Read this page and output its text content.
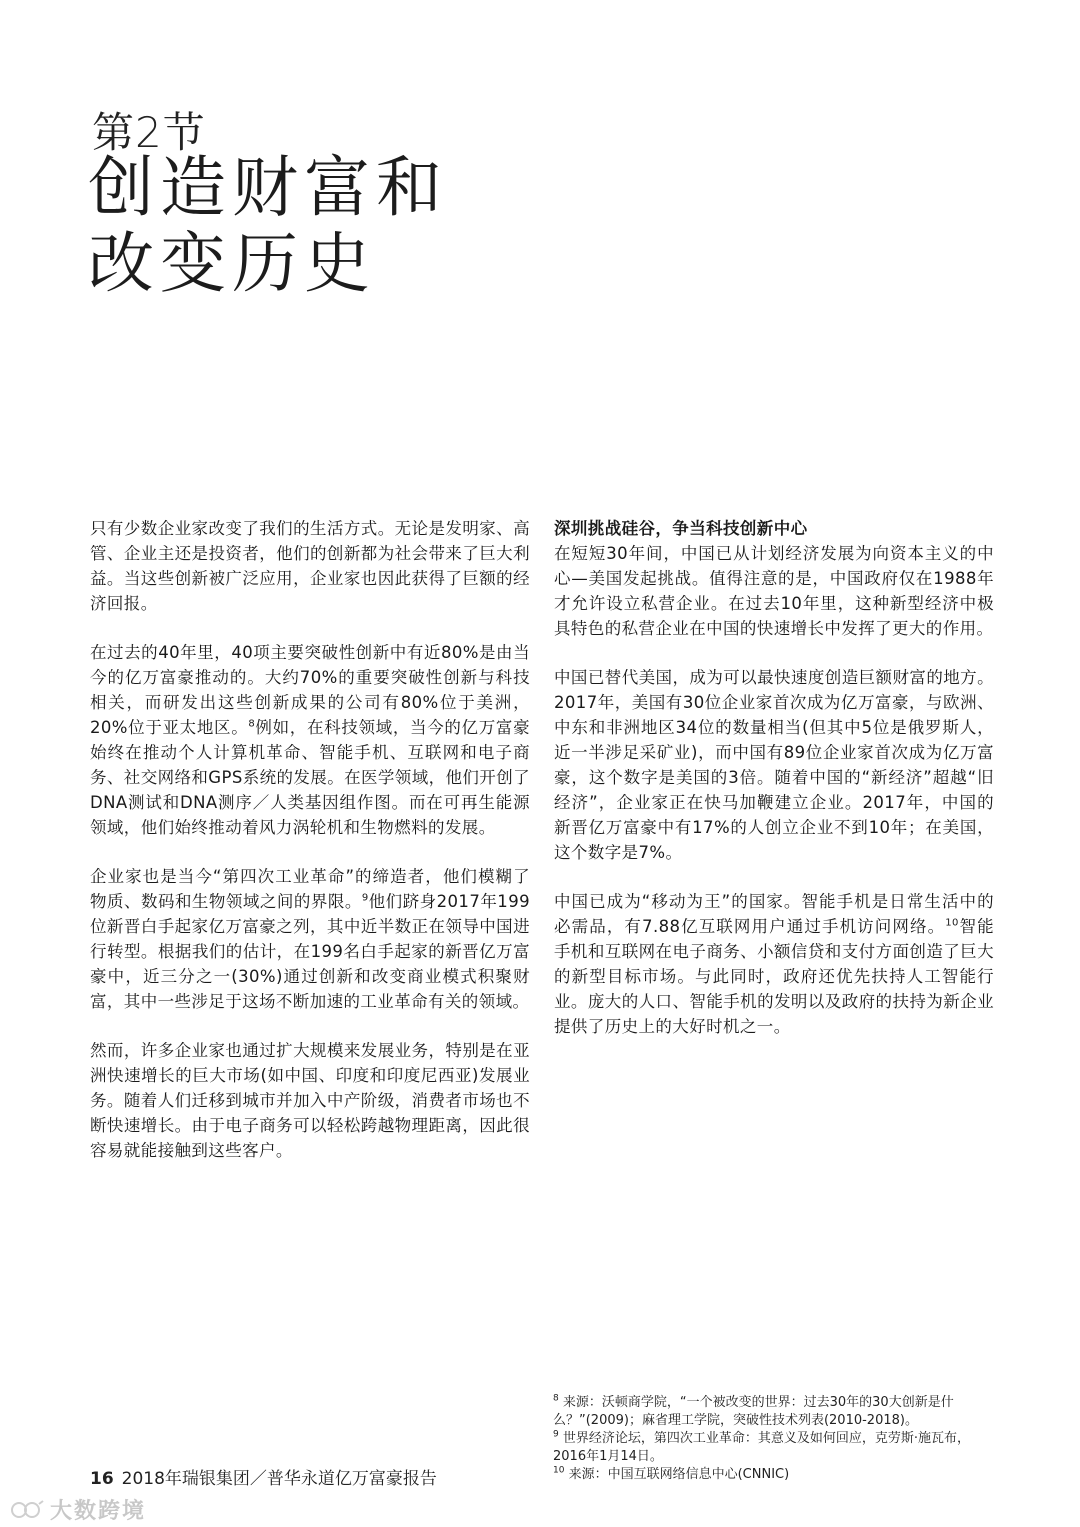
第2节
创造财富和
改变历史

只有少数企业家改变了我们的生活方式。无论是发明家、高管、企业主还是投资者，他们的创新都为社会带来了巨大利益。当这些创新被广泛应用，企业家也因此获得了巨额的经济回报。

在过去的40年里，40项主要突破性创新中有近80%是由当今的亿万富豪推动的。大约70%的重要突破性创新与科技相关，而研发出这些创新成果的公司有80%位于美洲，20%位于亚太地区。$^8$例如，在科技领域，当今的亿万富豪始终在推动个人计算机革命、智能手机、互联网和电子商务、社交网络和GPS系统的发展。在医学领域，他们开创了DNA测试和DNA测序／人类基因组作图。而在可再生能源领域，他们始终推动着风力涡轮机和生物燃料的发展。

企业家也是当今“第四次工业革命”的缔造者，他们模糊了物质、数码和生物领域之间的界限。$^9$他们跻身2017年199位新晋白手起家亿万富豪之列，其中近半数正在领导中国进行转型。根据我们的估计，在199名白手起家的新晋亿万富豪中，近三分之一(30%)通过创新和改变商业模式积聚财富，其中一些涉足于这场不断加速的工业革命有关的领域。

然而，许多企业家也通过扩大规模来发展业务，特别是在亚洲快速增长的巨大市场(如中国、印度和印度尼西亚)发展业务。随着人们迁移到城市并加入中产阶级，消费者市场也不断快速增长。由于电子商务可以轻松跨越物理距离，因此很容易就能接触到这些客户。

深圳挑战硅谷，争当科技创新中心

在短短30年间，中国已从计划经济发展为向资本主义的中心—美国发起挑战。值得注意的是，中国政府仅在1988年才允许设立私营企业。在过去10年里，这种新型经济中极具特色的私营企业在中国的快速增长中发挥了更大的作用。

中国已替代美国，成为可以最快速度创造巨额财富的地方。2017年，美国有30位企业家首次成为亿万富豪，与欧洲、中东和非洲地区34位的数量相当(但其中5位是俄罗斯人，近一半涉足采矿业)，而中国有89位企业家首次成为亿万富豪，这个数字是美国的3倍。随着中国的“新经济”超越“旧经济”，企业家正在快马加鞭建立企业。2017年，中国的新晋亿万富豪中有17%的人创立企业不到10年；在美国，这个数字是7%。

中国已成为“移动为王”的国家。智能手机是日常生活中的必需品，有7.88亿互联网用户通过手机访问网络。$^{10}$智能手机和互联网在电子商务、小额信贷和支付方面创造了巨大的新型目标市场。与此同时，政府还优先扶持人工智能行业。庞大的人口、智能手机的发明以及政府的扶持为新企业提供了历史上的大好时机之一。

$^8$ 来源：沃顿商学院，“一个被改变的世界：过去30年的30大创新是什么？”(2009)；麻省理工学院，突破性技术列表(2010-2018)。

$^9$ 世界经济论坛，第四次工业革命：其意义及如何回应，克劳斯·施瓦布，2016年1月14日。

$^{10}$ 来源：中国互联网络信息中心(CNNIC)

16 2018年瑞银集团／普华永道亿万富豪报告
大数跨境
